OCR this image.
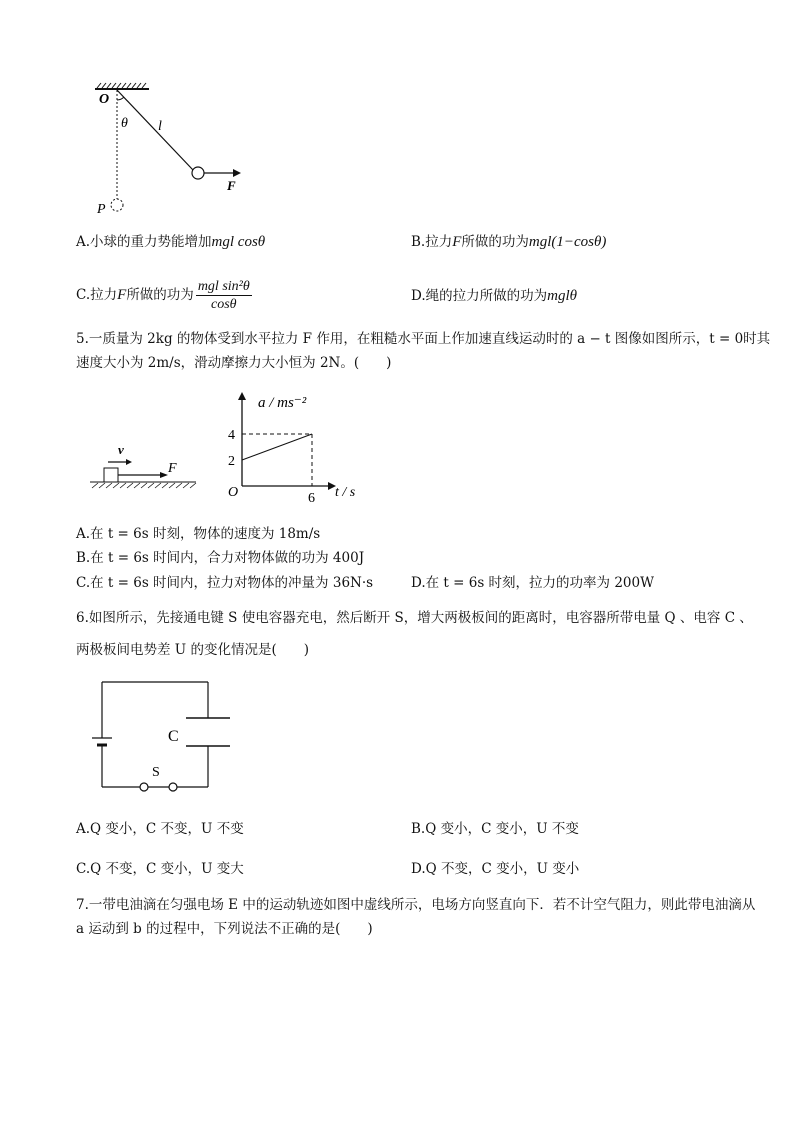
O
θ l
F
P
A.小球的重力势能增加mgl cosθ	B.拉力F所做的功为mgl(1−cosθ)
C.拉力F所做的功为 $\frac{\text{mgl sin²θ}}{\cos\theta}$	D.绳的拉力所做的功为mglθ
5.一质量为 2kg 的物体受到水平拉力 F 作用，在粗糙水平面上作加速直线运动时的 a − t 图像如图所示，t = 0时其
速度大小为 2m/s，滑动摩擦力大小恒为 2N。(　　)
v
F
a / ms⁻²
t / s
O
2
4
6
A.在 t = 6s 时刻，物体的速度为 18m/s
B.在 t = 6s 时间内，合力对物体做的功为 400J
C.在 t = 6s 时间内，拉力对物体的冲量为 36N·s	D.在 t = 6s 时刻，拉力的功率为 200W
6.如图所示，先接通电键 S 使电容器充电，然后断开 S，增大两极板间的距离时，电容器所带电量 Q 、电容 C 、
两极板间电势差 U 的变化情况是(　　)
C
S
A.Q 变小，C 不变，U 不变	B.Q 变小，C 变小，U 不变
C.Q 不变，C 变小，U 变大	D.Q 不变，C 变小，U 变小
7.一带电油滴在匀强电场 E 中的运动轨迹如图中虚线所示，电场方向竖直向下．若不计空气阻力，则此带电油滴从
a 运动到 b 的过程中，下列说法不正确的是(　　)
